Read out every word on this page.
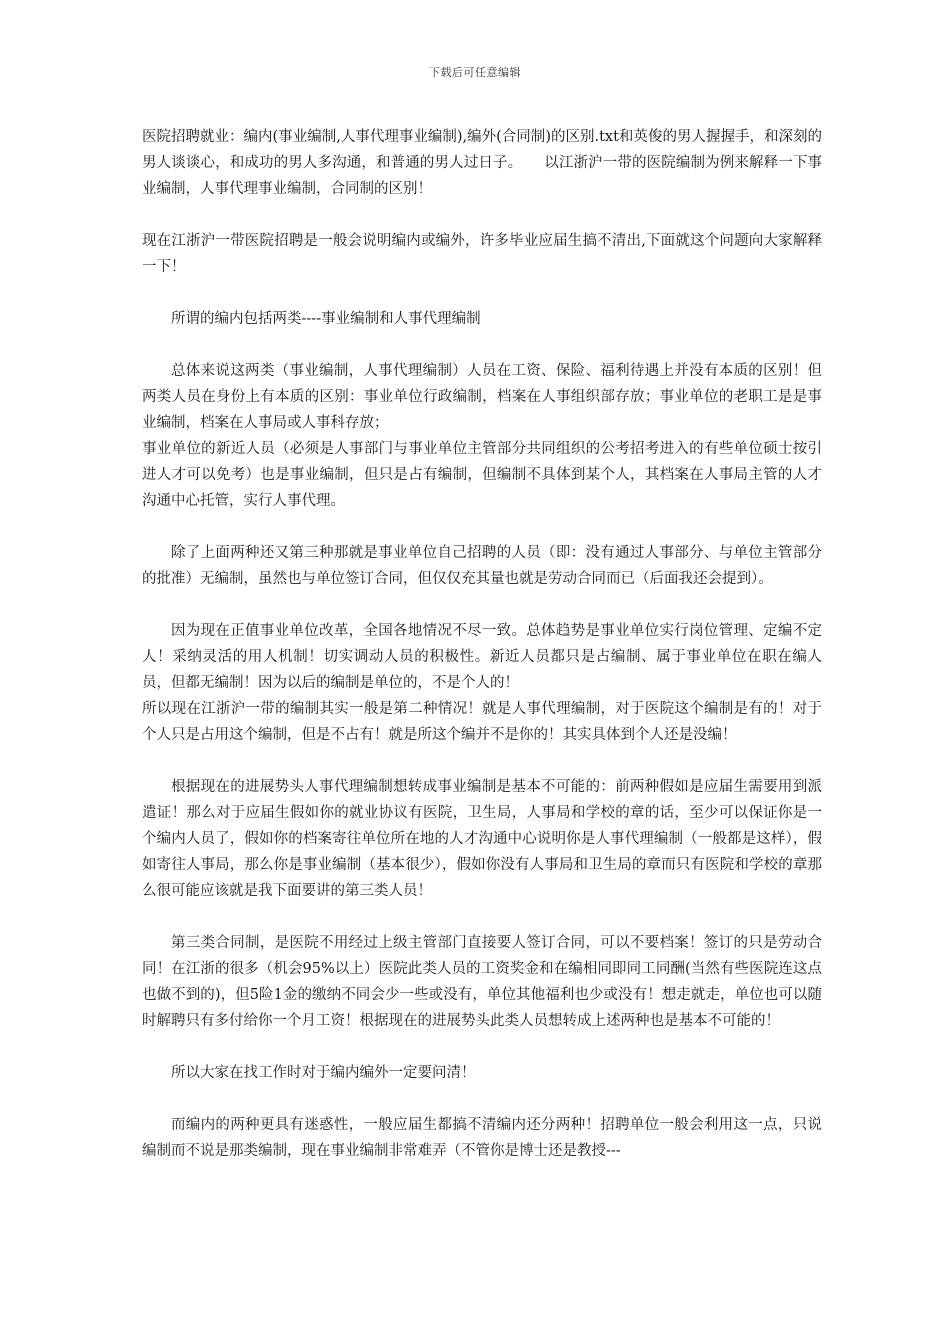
下载后可任意编辑

医院招聘就业：编内(事业编制,人事代理事业编制),编外(合同制)的区别.txt和英俊的男人握握手，和深刻的男人谈谈心，和成功的男人多沟通，和普通的男人过日子。　　以江浙沪一带的医院编制为例来解释一下事业编制，人事代理事业编制，合同制的区别！

现在江浙沪一带医院招聘是一般会说明编内或编外，许多毕业应届生搞不清出,下面就这个问题向大家解释一下！

所谓的编内包括两类----事业编制和人事代理编制

总体来说这两类（事业编制，人事代理编制）人员在工资、保险、福利待遇上并没有本质的区别！但两类人员在身份上有本质的区别：事业单位行政编制，档案在人事组织部存放；事业单位的老职工是是事业编制，档案在人事局或人事科存放；
事业单位的新近人员（必须是人事部门与事业单位主管部分共同组织的公考招考进入的有些单位硕士按引进人才可以免考）也是事业编制，但只是占有编制，但编制不具体到某个人，其档案在人事局主管的人才沟通中心托管，实行人事代理。

除了上面两种还又第三种那就是事业单位自己招聘的人员（即：没有通过人事部分、与单位主管部分的批准）无编制，虽然也与单位签订合同，但仅仅充其量也就是劳动合同而已（后面我还会提到）。

因为现在正值事业单位改革，全国各地情况不尽一致。总体趋势是事业单位实行岗位管理、定编不定人！采纳灵活的用人机制！切实调动人员的积极性。新近人员都只是占编制、属于事业单位在职在编人员，但都无编制！因为以后的编制是单位的，不是个人的！
所以现在江浙沪一带的编制其实一般是第二种情况！就是人事代理编制，对于医院这个编制是有的！对于个人只是占用这个编制，但是不占有！就是所这个编并不是你的！其实具体到个人还是没编！

根据现在的进展势头人事代理编制想转成事业编制是基本不可能的：前两种假如是应届生需要用到派遣证！那么对于应届生假如你的就业协议有医院，卫生局，人事局和学校的章的话，至少可以保证你是一个编内人员了，假如你的档案寄往单位所在地的人才沟通中心说明你是人事代理编制（一般都是这样），假如寄往人事局，那么你是事业编制（基本很少），假如你没有人事局和卫生局的章而只有医院和学校的章那么很可能应该就是我下面要讲的第三类人员！

第三类合同制，是医院不用经过上级主管部门直接要人签订合同，可以不要档案！签订的只是劳动合同！在江浙的很多（机会95%以上）医院此类人员的工资奖金和在编相同即同工同酬(当然有些医院连这点也做不到的)，但5险1金的缴纳不同会少一些或没有，单位其他福利也少或没有！想走就走，单位也可以随时解聘只有多付给你一个月工资！根据现在的进展势头此类人员想转成上述两种也是基本不可能的！

所以大家在找工作时对于编内编外一定要问清！

而编内的两种更具有迷惑性，一般应届生都搞不清编内还分两种！招聘单位一般会利用这一点，只说编制而不说是那类编制，现在事业编制非常难弄（不管你是博士还是教授---
